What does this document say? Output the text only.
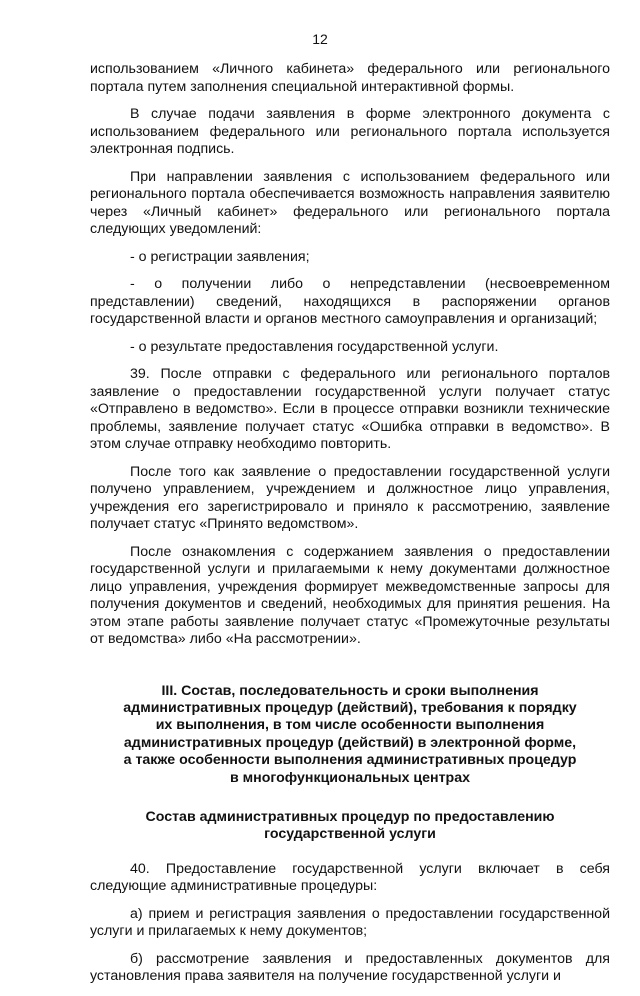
12

использованием «Личного кабинета» федерального или регионального портала путем заполнения специальной интерактивной формы.

В случае подачи заявления в форме электронного документа с использованием федерального или регионального портала используется электронная подпись.

При направлении заявления с использованием федерального или регионального портала обеспечивается возможность направления заявителю через «Личный кабинет» федерального или регионального портала следующих уведомлений:

- о регистрации заявления;

- о получении либо о непредставлении (несвоевременном представлении) сведений, находящихся в распоряжении органов государственной власти и органов местного самоуправления и организаций;

- о результате предоставления государственной услуги.

39. После отправки с федерального или регионального порталов заявление о предоставлении государственной услуги получает статус «Отправлено в ведомство». Если в процессе отправки возникли технические проблемы, заявление получает статус «Ошибка отправки в ведомство». В этом случае отправку необходимо повторить.

После того как заявление о предоставлении государственной услуги получено управлением, учреждением и должностное лицо управления, учреждения его зарегистрировало и приняло к рассмотрению, заявление получает статус «Принято ведомством».

После ознакомления с содержанием заявления о предоставлении государственной услуги и прилагаемыми к нему документами должностное лицо управления, учреждения формирует межведомственные запросы для получения документов и сведений, необходимых для принятия решения. На этом этапе работы заявление получает статус «Промежуточные результаты от ведомства» либо «На рассмотрении».

III. Состав, последовательность и сроки выполнения
административных процедур (действий), требования к порядку
их выполнения, в том числе особенности выполнения
административных процедур (действий) в электронной форме,
а также особенности выполнения административных процедур
в многофункциональных центрах
Состав административных процедур по предоставлению
государственной услуги

40. Предоставление государственной услуги включает в себя следующие административные процедуры:

а) прием и регистрация заявления о предоставлении государственной услуги и прилагаемых к нему документов;

б) рассмотрение заявления и предоставленных документов для установления права заявителя на получение государственной услуги и
